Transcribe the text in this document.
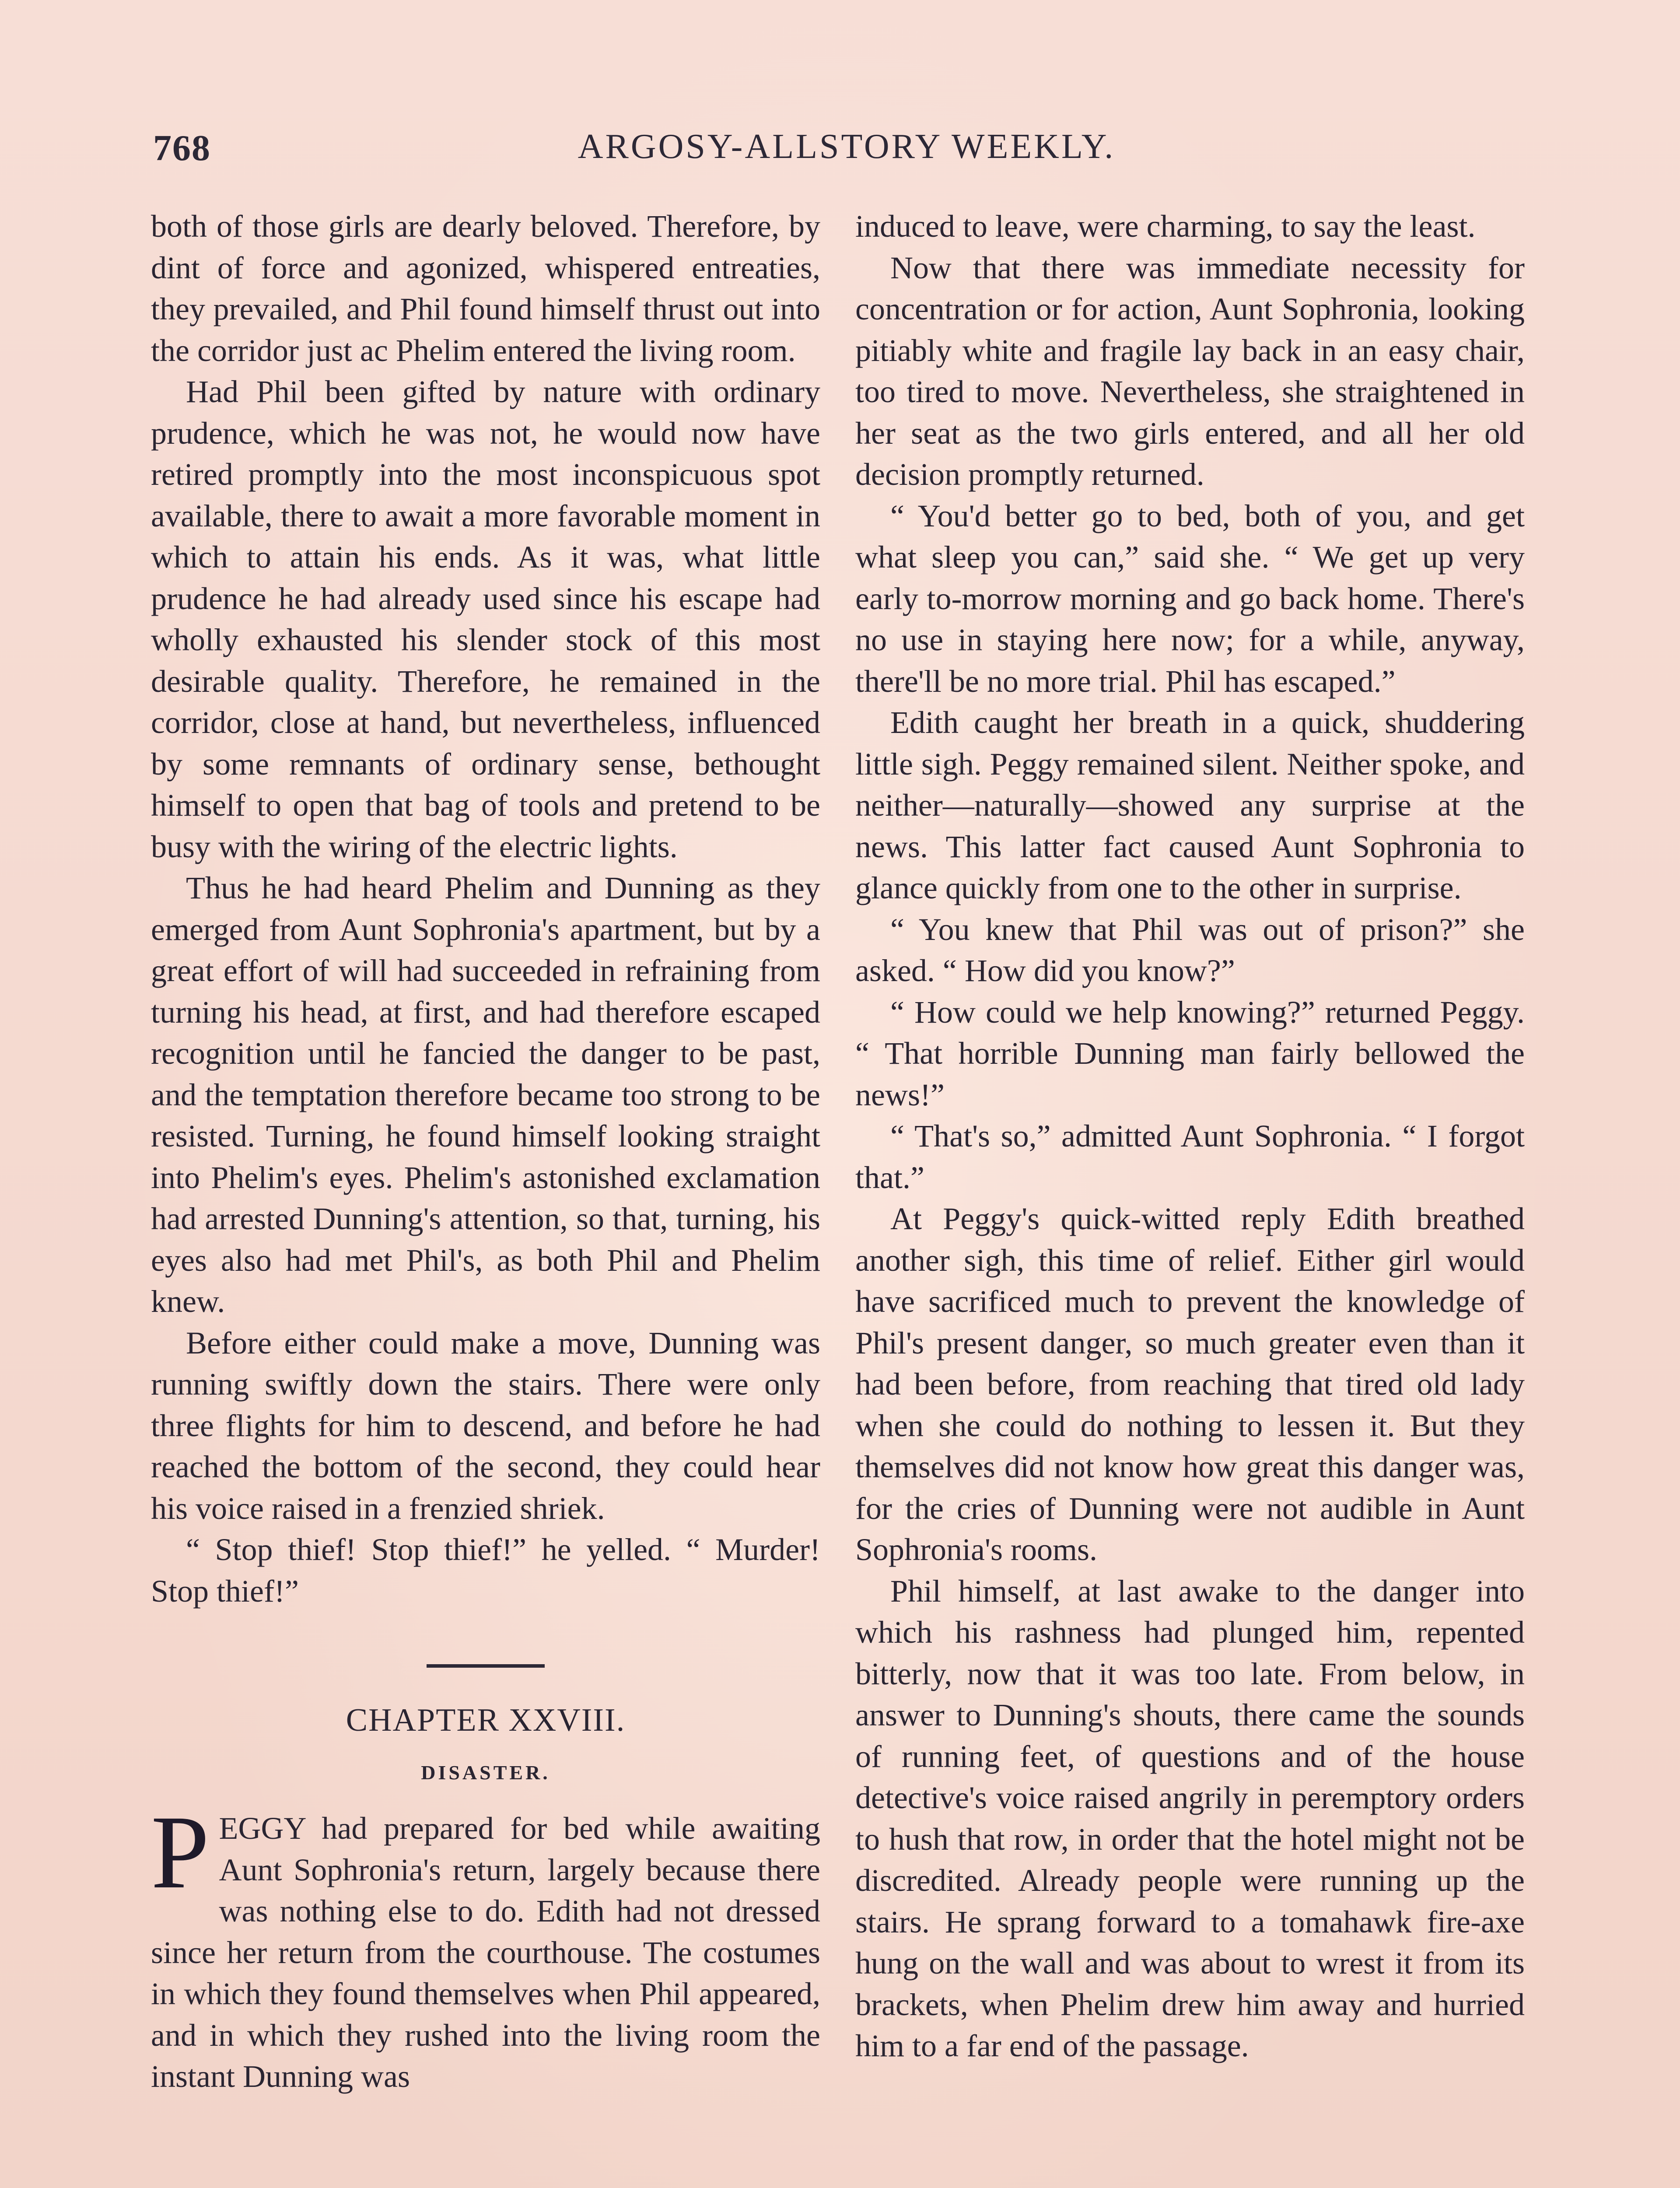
768	ARGOSY-ALLSTORY WEEKLY.

both of those girls are dearly beloved. Therefore, by dint of force and agonized, whispered entreaties, they prevailed, and Phil found himself thrust out into the corridor just ac Phelim entered the living room.

Had Phil been gifted by nature with ordinary prudence, which he was not, he would now have retired promptly into the most inconspicuous spot available, there to await a more favorable moment in which to attain his ends. As it was, what little prudence he had already used since his escape had wholly exhausted his slender stock of this most desirable quality. Therefore, he remained in the corridor, close at hand, but nevertheless, influenced by some remnants of ordinary sense, bethought himself to open that bag of tools and pretend to be busy with the wiring of the electric lights.

Thus he had heard Phelim and Dunning as they emerged from Aunt Sophronia's apartment, but by a great effort of will had succeeded in refraining from turning his head, at first, and had therefore escaped recognition until he fancied the danger to be past, and the temptation therefore became too strong to be resisted. Turning, he found himself looking straight into Phelim's eyes. Phelim's astonished exclamation had arrested Dunning's attention, so that, turning, his eyes also had met Phil's, as both Phil and Phelim knew.

Before either could make a move, Dunning was running swiftly down the stairs. There were only three flights for him to descend, and before he had reached the bottom of the second, they could hear his voice raised in a frenzied shriek.

“ Stop thief! Stop thief!” he yelled. “ Murder! Stop thief!”

CHAPTER XXVIII.
DISASTER.

PEGGY had prepared for bed while awaiting Aunt Sophronia's return, largely because there was nothing else to do. Edith had not dressed since her return from the courthouse. The costumes in which they found themselves when Phil appeared, and in which they rushed into the living room the instant Dunning was

induced to leave, were charming, to say the least.

Now that there was immediate necessity for concentration or for action, Aunt Sophronia, looking pitiably white and fragile lay back in an easy chair, too tired to move. Nevertheless, she straightened in her seat as the two girls entered, and all her old decision promptly returned.

“ You'd better go to bed, both of you, and get what sleep you can,” said she. “ We get up very early to-morrow morning and go back home. There's no use in staying here now; for a while, anyway, there'll be no more trial. Phil has escaped.”

Edith caught her breath in a quick, shuddering little sigh. Peggy remained silent. Neither spoke, and neither—naturally—showed any surprise at the news. This latter fact caused Aunt Sophronia to glance quickly from one to the other in surprise.

“ You knew that Phil was out of prison?” she asked. “ How did you know?”

“ How could we help knowing?” returned Peggy. “ That horrible Dunning man fairly bellowed the news!”

“ That's so,” admitted Aunt Sophronia. “ I forgot that.”

At Peggy's quick-witted reply Edith breathed another sigh, this time of relief. Either girl would have sacrificed much to prevent the knowledge of Phil's present danger, so much greater even than it had been before, from reaching that tired old lady when she could do nothing to lessen it. But they themselves did not know how great this danger was, for the cries of Dunning were not audible in Aunt Sophronia's rooms.

Phil himself, at last awake to the danger into which his rashness had plunged him, repented bitterly, now that it was too late. From below, in answer to Dunning's shouts, there came the sounds of running feet, of questions and of the house detective's voice raised angrily in peremptory orders to hush that row, in order that the hotel might not be discredited. Already people were running up the stairs. He sprang forward to a tomahawk fire-axe hung on the wall and was about to wrest it from its brackets, when Phelim drew him away and hurried him to a far end of the passage.
